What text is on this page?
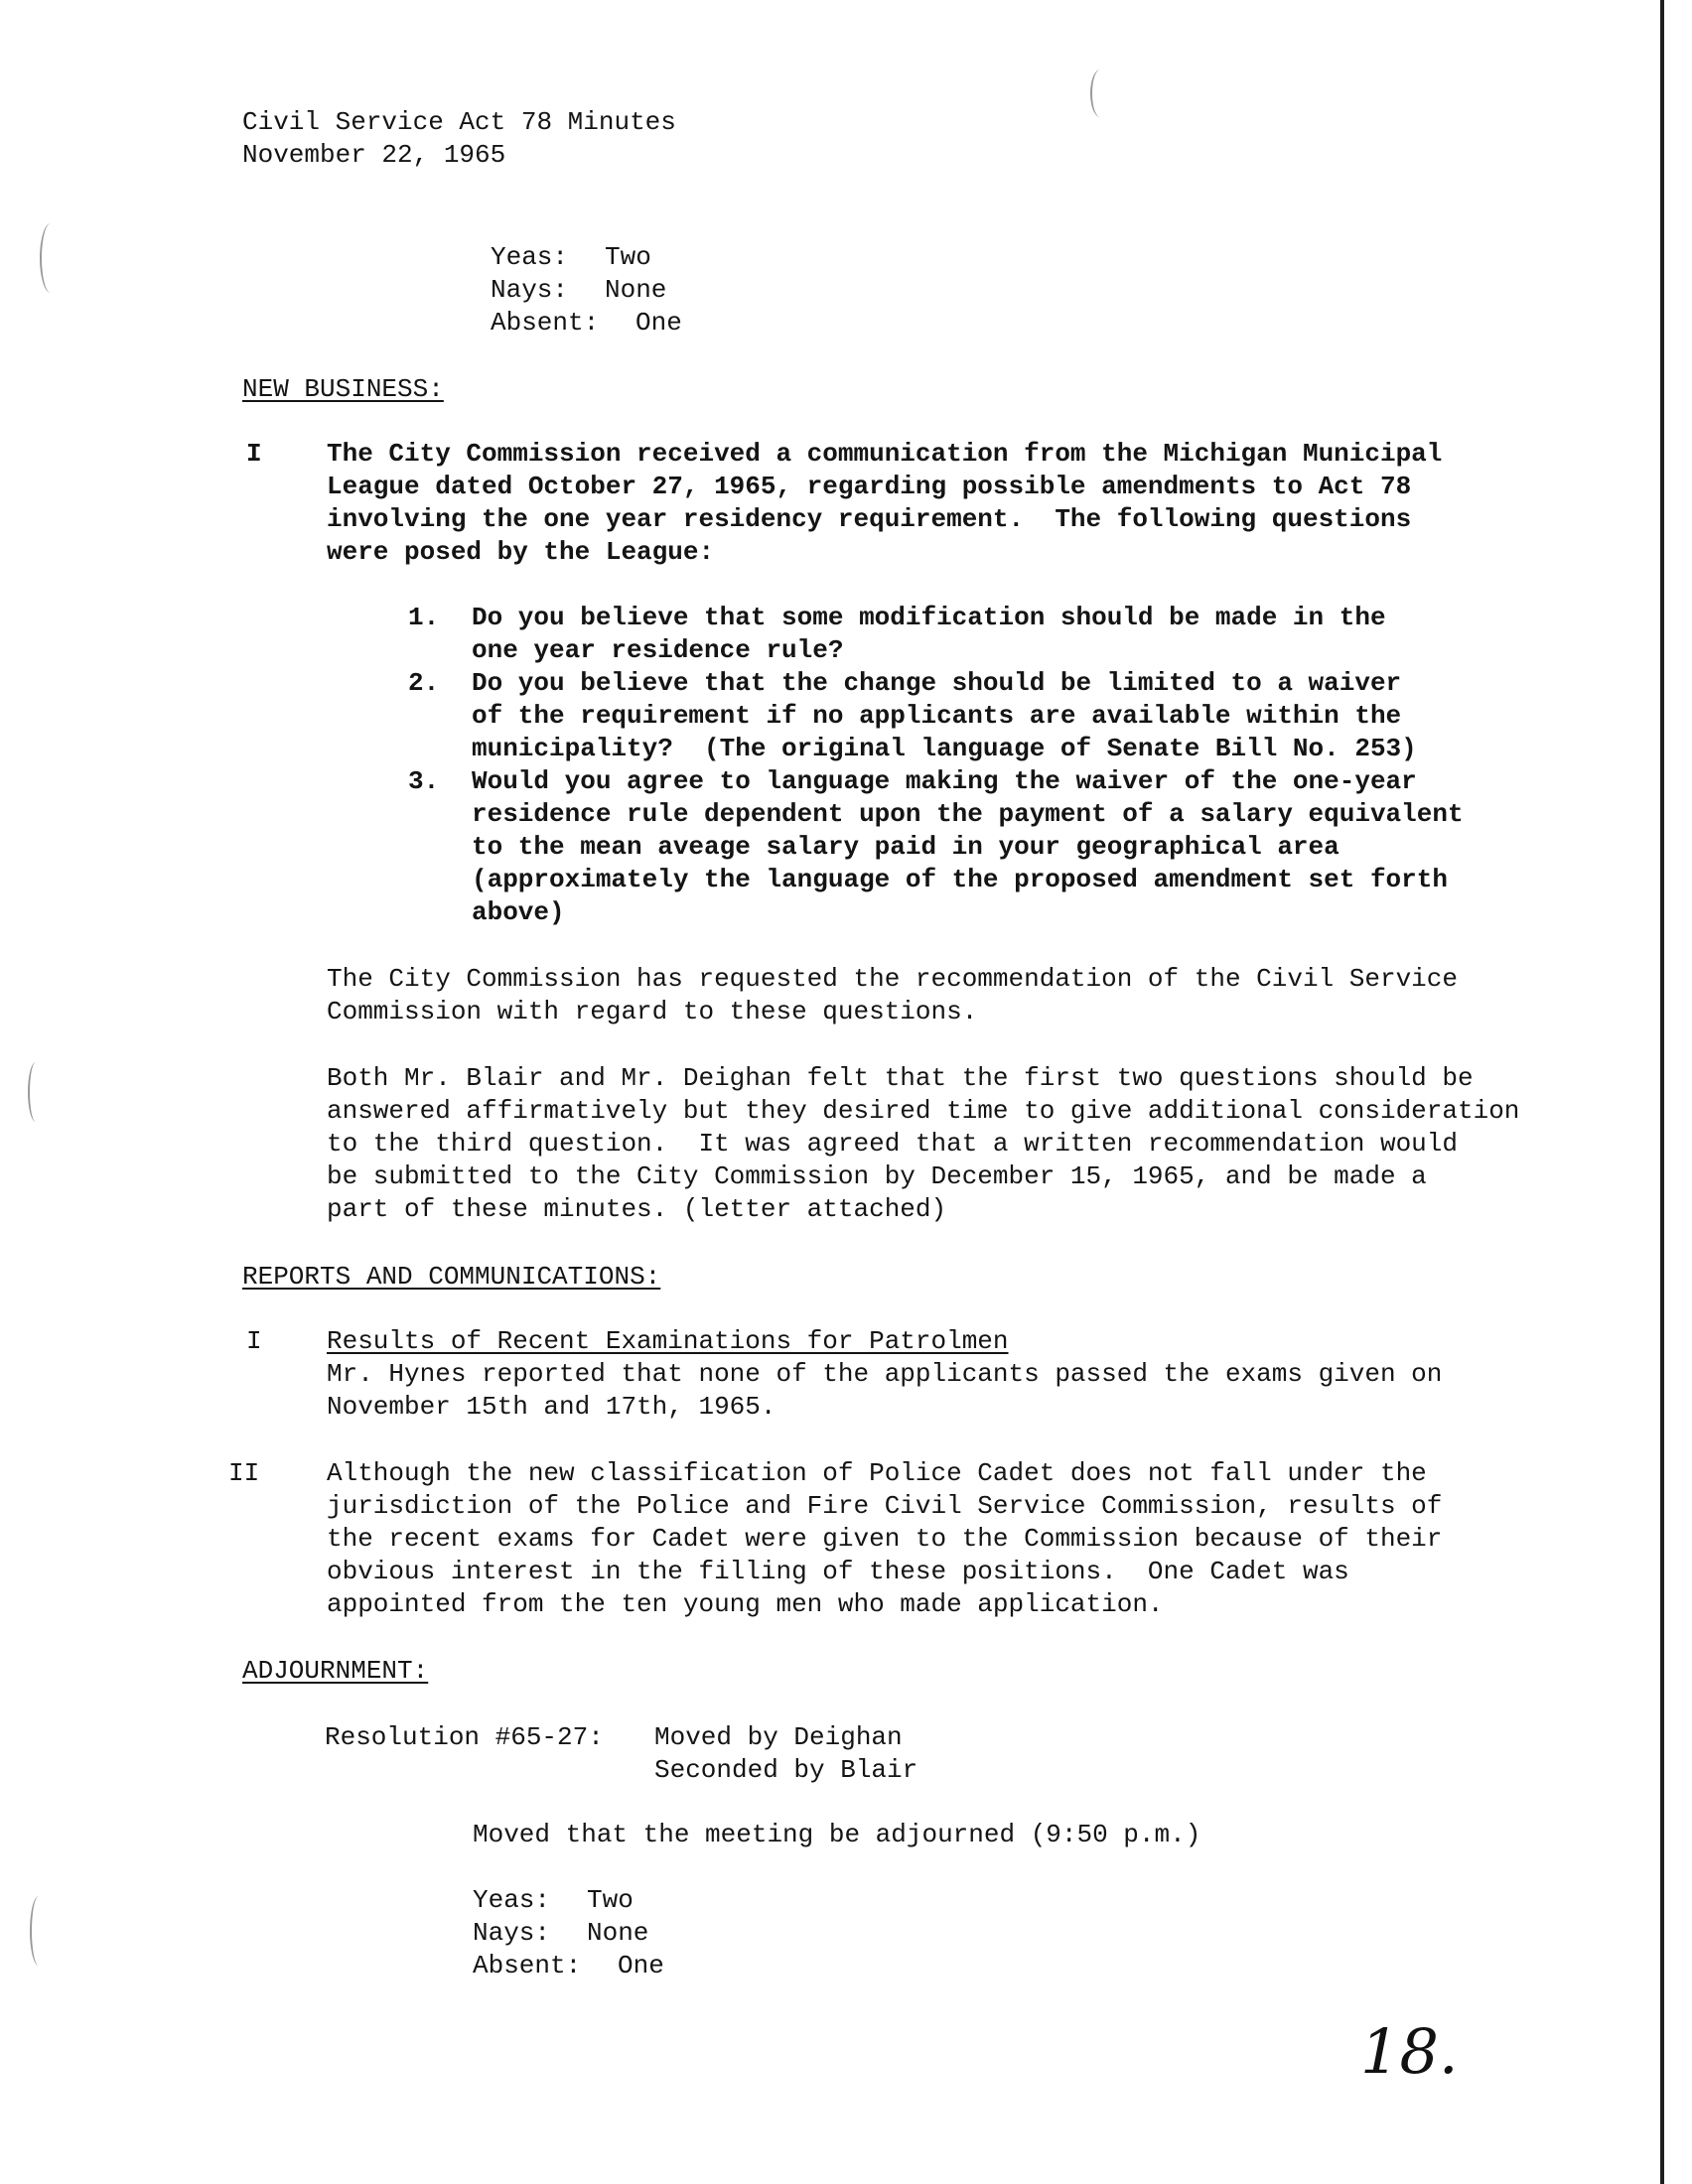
Civil Service Act 78 Minutes
November 22, 1965
Yeas: Two
Nays: None
Absent: One
NEW BUSINESS:
I	The City Commission received a communication from the Michigan Municipal
League dated October 27, 1965, regarding possible amendments to Act 78
involving the one year residency requirement.  The following questions
were posed by the League:
1. Do you believe that some modification should be made in the
one year residence rule?
2. Do you believe that the change should be limited to a waiver
of the requirement if no applicants are available within the
municipality?  (The original language of Senate Bill No. 253)
3. Would you agree to language making the waiver of the one-year
residence rule dependent upon the payment of a salary equivalent
to the mean aveage salary paid in your geographical area
(approximately the language of the proposed amendment set forth
above)
The City Commission has requested the recommendation of the Civil Service
Commission with regard to these questions.
Both Mr. Blair and Mr. Deighan felt that the first two questions should be
answered affirmatively but they desired time to give additional consideration
to the third question.  It was agreed that a written recommendation would
be submitted to the City Commission by December 15, 1965, and be made a
part of these minutes. (letter attached)
REPORTS AND COMMUNICATIONS:
I	Results of Recent Examinations for Patrolmen
Mr. Hynes reported that none of the applicants passed the exams given on
November 15th and 17th, 1965.
II	Although the new classification of Police Cadet does not fall under the
jurisdiction of the Police and Fire Civil Service Commission, results of
the recent exams for Cadet were given to the Commission because of their
obvious interest in the filling of these positions.  One Cadet was
appointed from the ten young men who made application.
ADJOURNMENT:
Resolution #65-27: Moved by Deighan
Seconded by Blair
Moved that the meeting be adjourned (9:50 p.m.)
Yeas: Two
Nays: None
Absent: One
18.
